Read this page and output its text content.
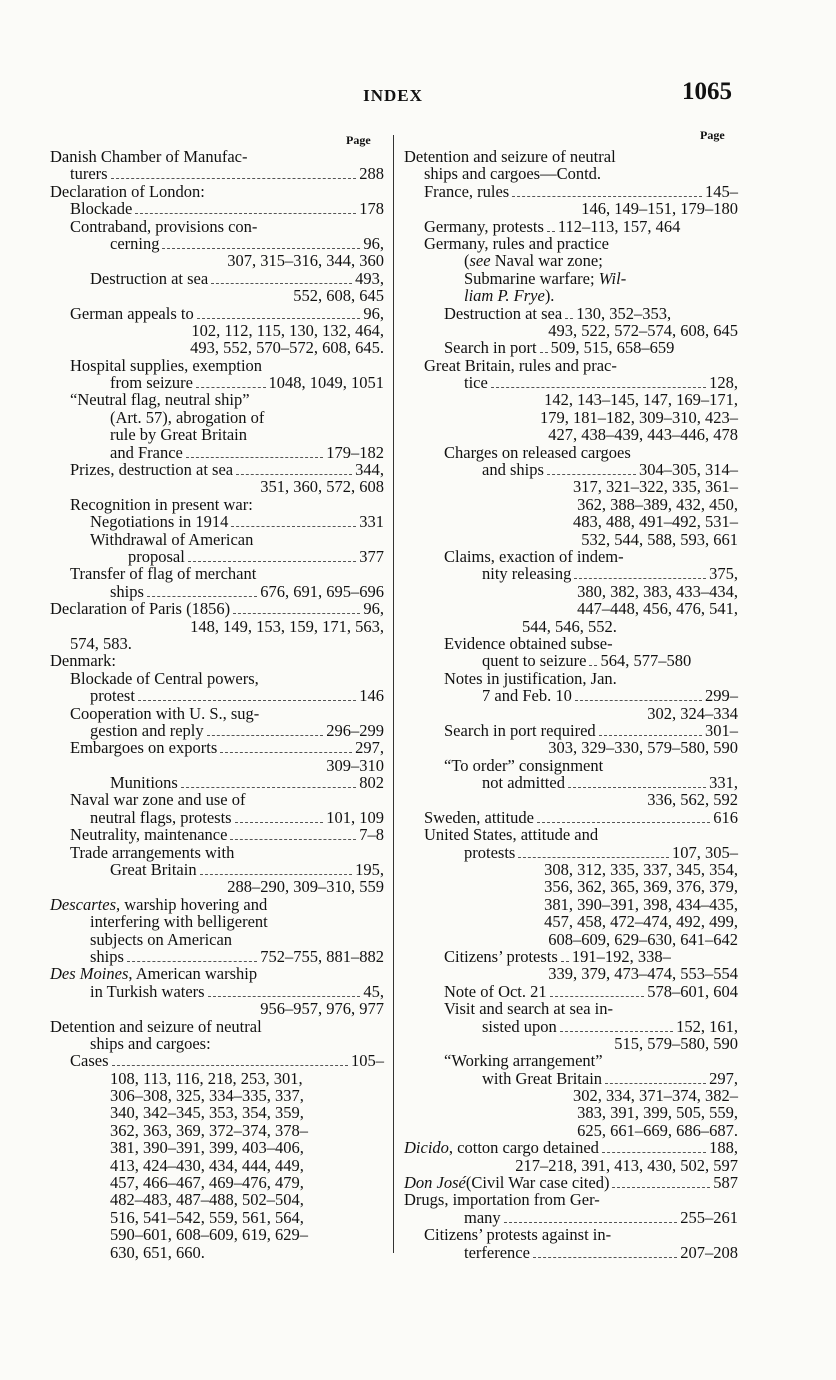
INDEX	1065
Page	Page
Danish Chamber of Manufac-
turers	288
Declaration of London:
Blockade	178
Contraband, provisions con-
cerning	96,
307, 315–316, 344, 360
Destruction at sea	493,
552, 608, 645
German appeals to	96,
102, 112, 115, 130, 132, 464,
493, 552, 570–572, 608, 645.
Hospital supplies, exemption
from seizure	1048, 1049, 1051
“Neutral flag, neutral ship”
(Art. 57), abrogation of
rule by Great Britain
and France	179–182
Prizes, destruction at sea	344,
351, 360, 572, 608
Recognition in present war:
Negotiations in 1914	331
Withdrawal of American
proposal	377
Transfer of flag of merchant
ships	676, 691, 695–696
Declaration of Paris (1856)	96,
148, 149, 153, 159, 171, 563,
574, 583.
Denmark:
Blockade of Central powers,
protest	146
Cooperation with U. S., sug-
gestion and reply	296–299
Embargoes on exports	297,
309–310
Munitions	802
Naval war zone and use of
neutral flags, protests	101, 109
Neutrality, maintenance	7–8
Trade arrangements with
Great Britain	195,
288–290, 309–310, 559
Descartes, warship hovering and
interfering with belligerent
subjects on American
ships	752–755, 881–882
Des Moines, American warship
in Turkish waters	45,
956–957, 976, 977
Detention and seizure of neutral
ships and cargoes:
Cases	105–
108, 113, 116, 218, 253, 301,
306–308, 325, 334–335, 337,
340, 342–345, 353, 354, 359,
362, 363, 369, 372–374, 378–
381, 390–391, 399, 403–406,
413, 424–430, 434, 444, 449,
457, 466–467, 469–476, 479,
482–483, 487–488, 502–504,
516, 541–542, 559, 561, 564,
590–601, 608–609, 619, 629–
630, 651, 660.
Detention and seizure of neutral
ships and cargoes—Contd.
France, rules	145–
146, 149–151, 179–180
Germany, protests 112–113, 157, 464
Germany, rules and practice
(see Naval war zone;
Submarine warfare; Wil-
liam P. Frye).
Destruction at sea 130, 352–353,
493, 522, 572–574, 608, 645
Search in port 509, 515, 658–659
Great Britain, rules and prac-
tice	128,
142, 143–145, 147, 169–171,
179, 181–182, 309–310, 423–
427, 438–439, 443–446, 478
Charges on released cargoes
and ships	304–305, 314–
317, 321–322, 335, 361–
362, 388–389, 432, 450,
483, 488, 491–492, 531–
532, 544, 588, 593, 661
Claims, exaction of indem-
nity releasing	375,
380, 382, 383, 433–434,
447–448, 456, 476, 541,
544, 546, 552.
Evidence obtained subse-
quent to seizure 564, 577–580
Notes in justification, Jan.
7 and Feb. 10	299–
302, 324–334
Search in port required	301–
303, 329–330, 579–580, 590
“To order” consignment
not admitted	331,
336, 562, 592
Sweden, attitude	616
United States, attitude and
protests	107, 305–
308, 312, 335, 337, 345, 354,
356, 362, 365, 369, 376, 379,
381, 390–391, 398, 434–435,
457, 458, 472–474, 492, 499,
608–609, 629–630, 641–642
Citizens’ protests 191–192, 338–
339, 379, 473–474, 553–554
Note of Oct. 21	578–601, 604
Visit and search at sea in-
sisted upon	152, 161,
515, 579–580, 590
“Working arrangement”
with Great Britain	297,
302, 334, 371–374, 382–
383, 391, 399, 505, 559,
625, 661–669, 686–687.
Dicido , cotton cargo detained	188,
217–218, 391, 413, 430, 502, 597
Don José (Civil War case cited)	587
Drugs, importation from Ger-
many	255–261
Citizens’ protests against in-
terference	207–208
